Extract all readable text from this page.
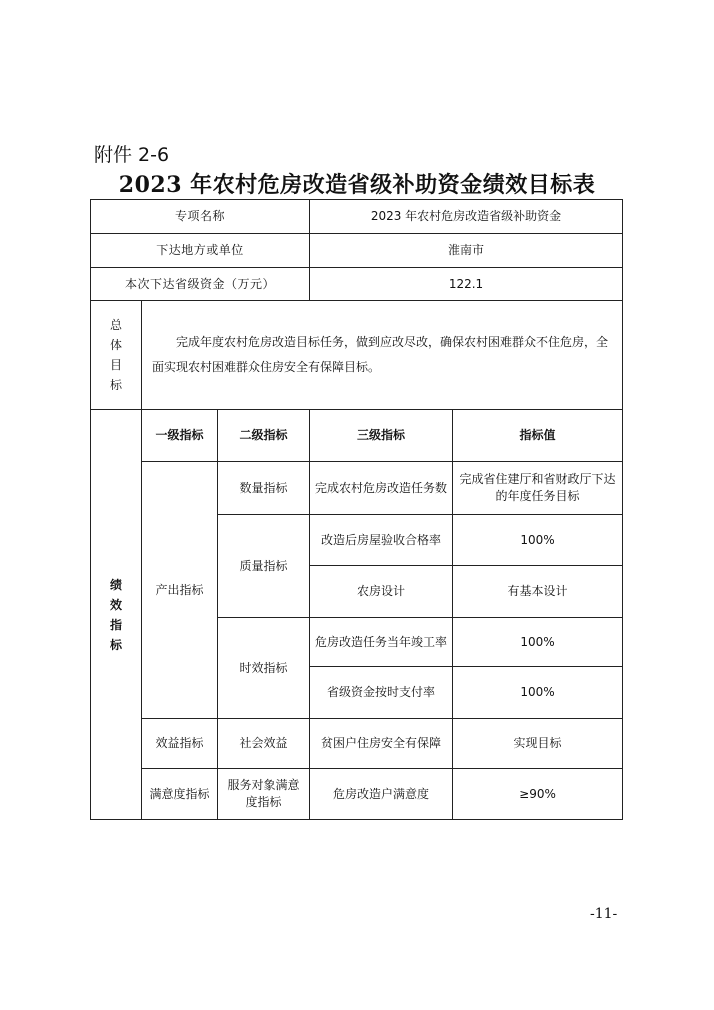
附件 2-6
2023 年农村危房改造省级补助资金绩效目标表
专项名称			2023 年农村危房改造省级补助资金	
下达地方或单位			淮南市	
本次下达省级资金（万元）			122.1	

总
体
目
标	完成年度农村危房改造目标任务，做到应改尽改，确保农村困难群众不住危房，全面实现农村困难群众住房安全有保障目标。			

绩
效
指
标	一级指标	二级指标	三级指标	指标值
	产出指标	数量指标	完成农村危房改造任务数	完成省住建厅和省财政厅下达的年度任务目标
		质量指标	改造后房屋验收合格率	100%
			农房设计	有基本设计
		时效指标	危房改造任务当年竣工率	100%
			省级资金按时支付率	100%
	效益指标	社会效益	贫困户住房安全有保障	实现目标
	满意度指标	服务对象满意度指标	危房改造户满意度	≥90%
-11-
